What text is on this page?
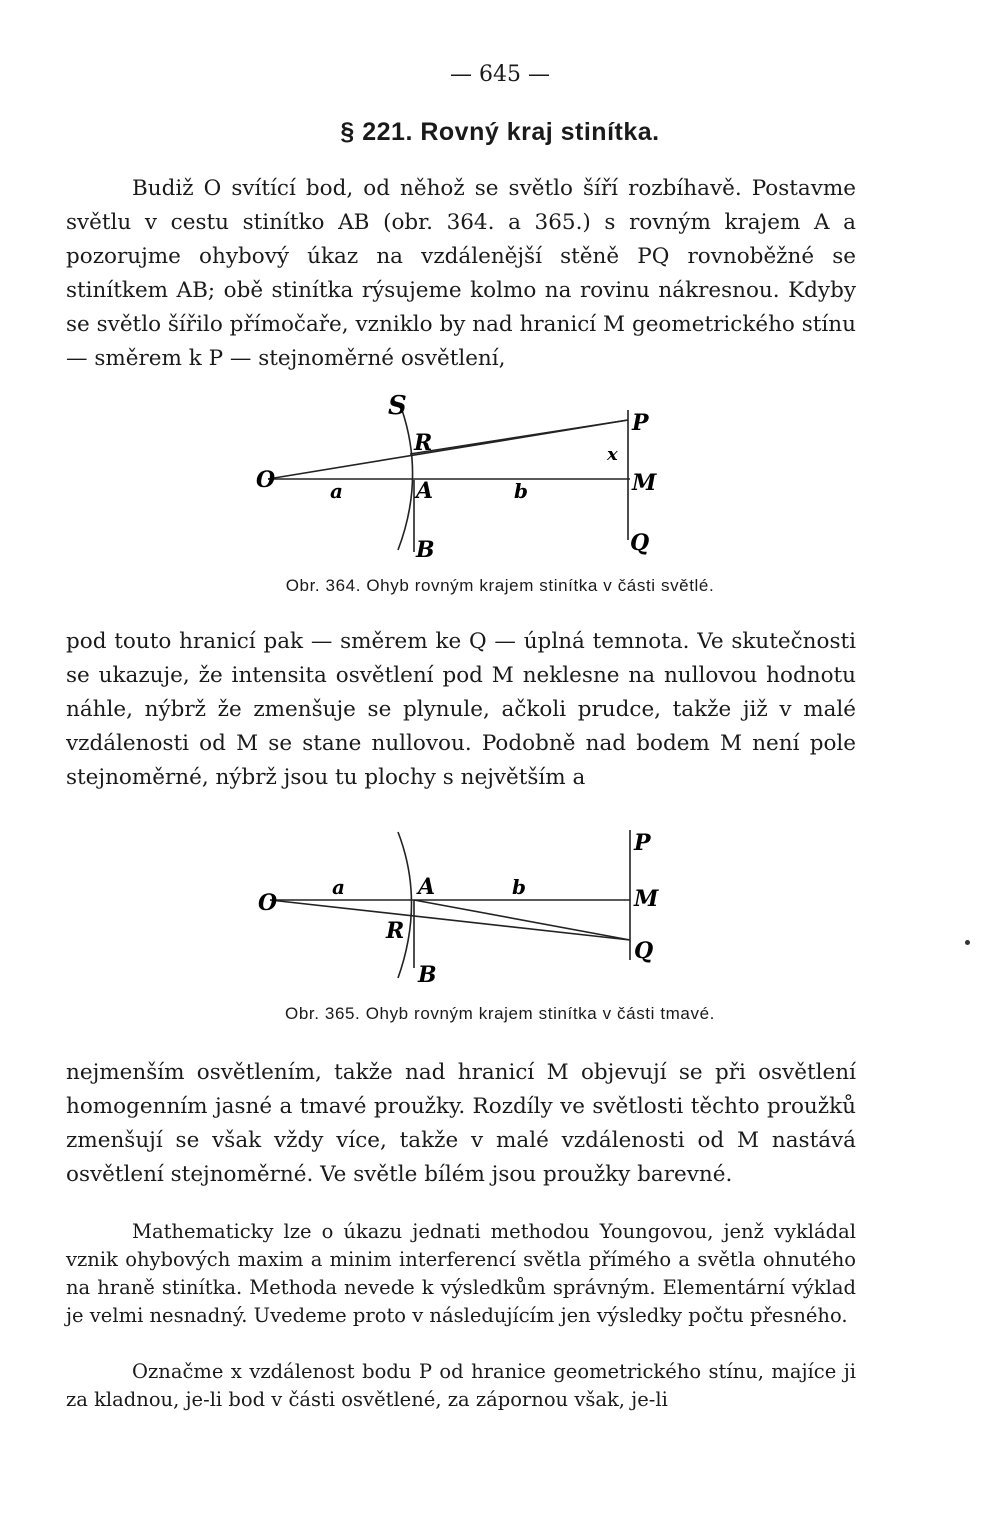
— 645 —
§ 221. Rovný kraj stinítka.

Budiž O svítící bod, od něhož se světlo šíří rozbíhavě. Postavme světlu v cestu stinítko AB (obr. 364. a 365.) s rovným krajem A a pozorujme ohybový úkaz na vzdálenější stěně PQ rovnoběžné se stinítkem AB; obě stinítka rýsujeme kolmo na rovinu nákresnou. Kdyby se světlo šířilo přímočaře, vzniklo by nad hranicí M geometrického stínu — směrem k P — stejnoměrné osvětlení,

S
R
P
x
O	a	A	b	M
B	Q
Obr. 364. Ohyb rovným krajem stinítka v části světlé.

pod touto hranicí pak — směrem ke Q — úplná temnota. Ve skutečnosti se ukazuje, že intensita osvětlení pod M neklesne na nullovou hodnotu náhle, nýbrž že zmenšuje se plynule, ačkoli prudce, takže již v malé vzdálenosti od M se stane nullovou. Podobně nad bodem M není pole stejnoměrné, nýbrž jsou tu plochy s největším a

P
O
a	A	b	M
R
Q
B
Obr. 365. Ohyb rovným krajem stinítka v části tmavé.

nejmenším osvětlením, takže nad hranicí M objevují se při osvětlení homogenním jasné a tmavé proužky. Rozdíly ve světlosti těchto proužků zmenšují se však vždy více, takže v malé vzdálenosti od M nastává osvětlení stejnoměrné. Ve světle bílém jsou proužky barevné.

Mathematicky lze o úkazu jednati methodou Youngovou, jenž vykládal vznik ohybových maxim a minim interferencí světla přímého a světla ohnutého na hraně stinítka. Methoda nevede k výsledkům správným. Elementární výklad je velmi nesnadný. Uvedeme proto v následujícím jen výsledky počtu přesného.

Označme x vzdálenost bodu P od hranice geometrického stínu, majíce ji za kladnou, je-li bod v části osvětlené, za zápornou však, je-li
